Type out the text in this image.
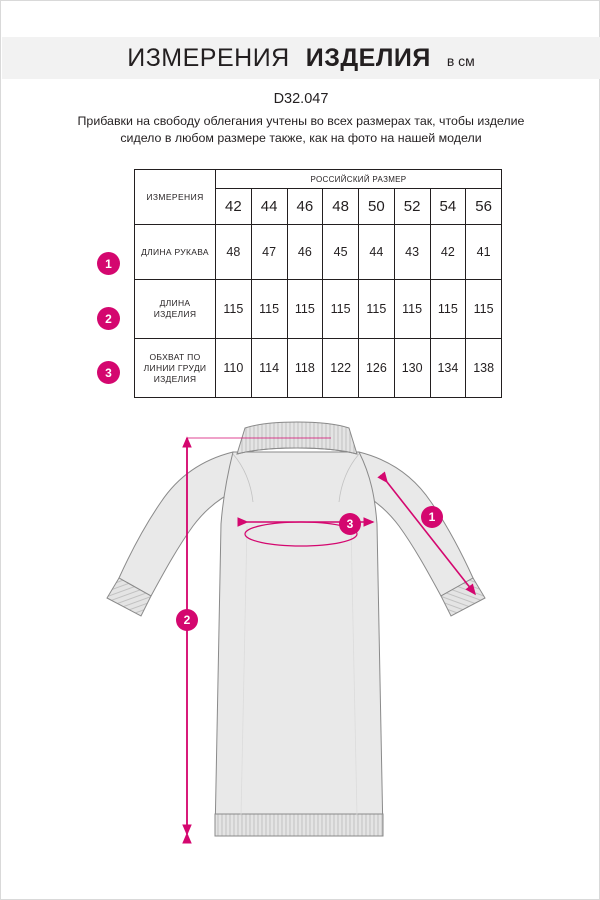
ИЗМЕРЕНИЯ ИЗДЕЛИЯ в см
D32.047
Прибавки на свободу облегания учтены во всех размерах так, чтобы изделие сидело в любом размере также, как на фото на нашей модели
ИЗМЕРЕНИЯ	РОССИЙСКИЙ РАЗМЕР							
	42	44	46	48	50	52	54	56
ДЛИНА РУКАВА	48	47	46	45	44	43	42	41
ДЛИНА ИЗДЕЛИЯ	115	115	115	115	115	115	115	115
ОБХВАТ ПО ЛИНИИ ГРУДИ ИЗДЕЛИЯ	110	114	118	122	126	130	134	138
1
2
3
1
2
3
